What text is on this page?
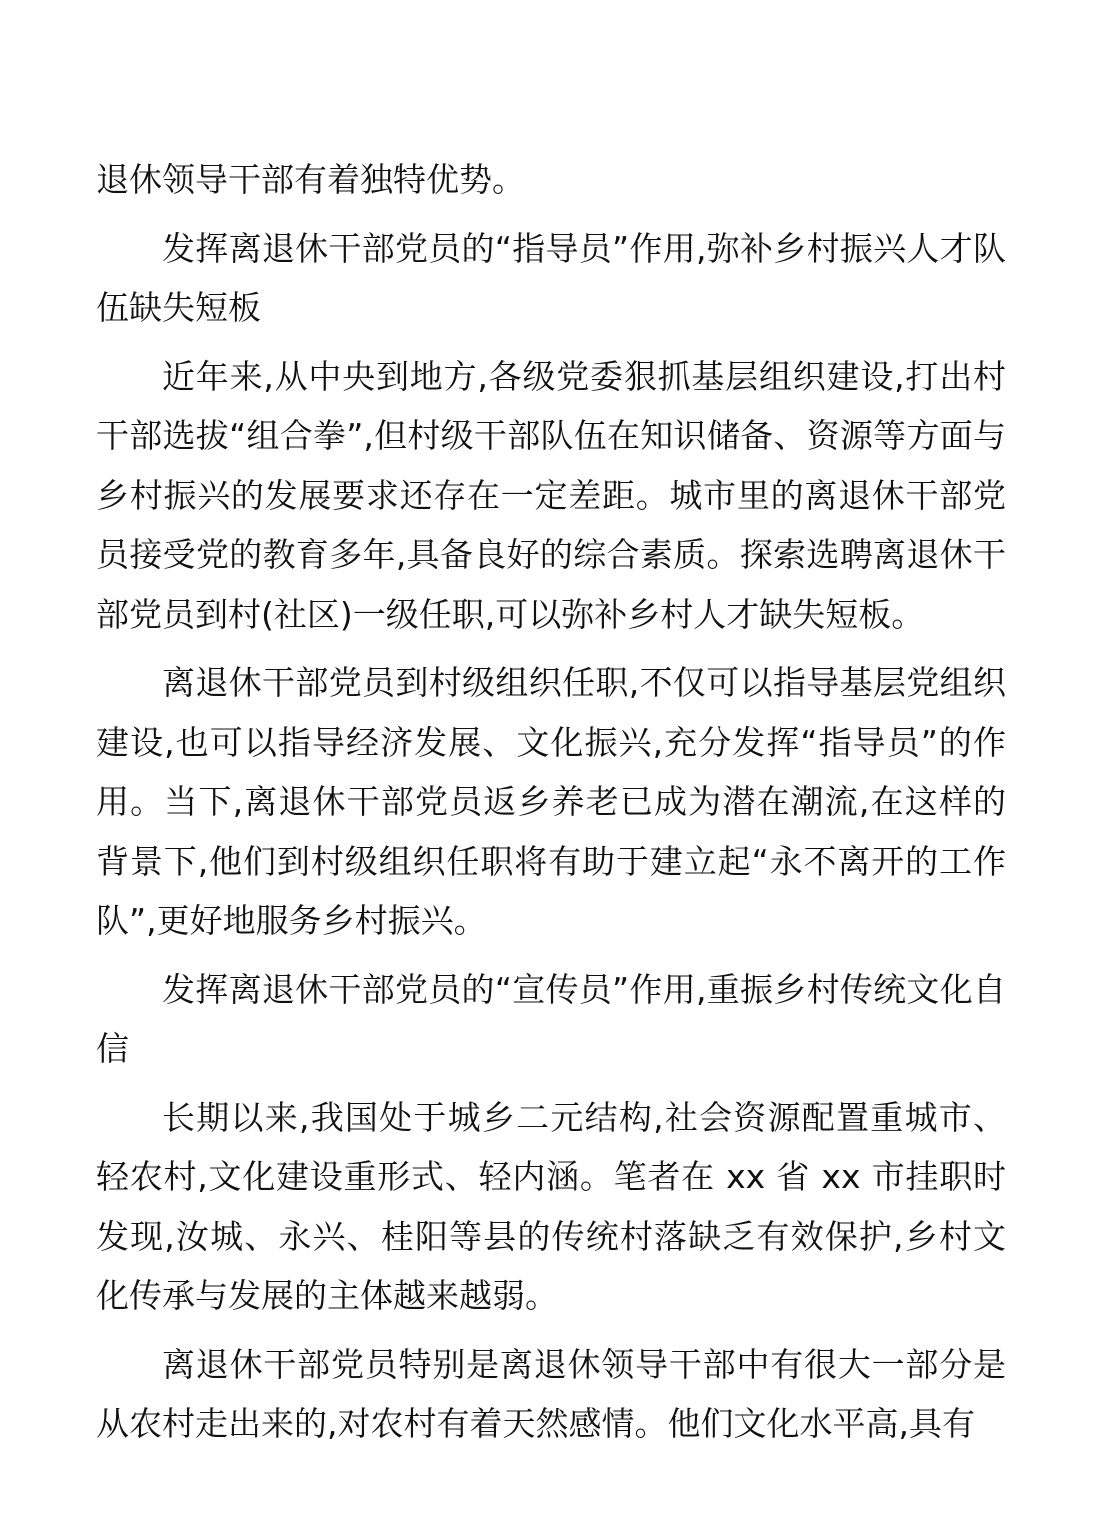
退休领导干部有着独特优势。

发挥离退休干部党员的“指导员”作用,弥补乡村振兴人才队伍缺失短板

近年来,从中央到地方,各级党委狠抓基层组织建设,打出村干部选拔“组合拳”,但村级干部队伍在知识储备、资源等方面与乡村振兴的发展要求还存在一定差距。城市里的离退休干部党员接受党的教育多年,具备良好的综合素质。探索选聘离退休干部党员到村(社区)一级任职,可以弥补乡村人才缺失短板。

离退休干部党员到村级组织任职,不仅可以指导基层党组织建设,也可以指导经济发展、文化振兴,充分发挥“指导员”的作用。当下,离退休干部党员返乡养老已成为潜在潮流,在这样的背景下,他们到村级组织任职将有助于建立起“永不离开的工作队”,更好地服务乡村振兴。

发挥离退休干部党员的“宣传员”作用,重振乡村传统文化自信

长期以来,我国处于城乡二元结构,社会资源配置重城市、轻农村,文化建设重形式、轻内涵。笔者在 xx 省 xx 市挂职时发现,汝城、永兴、桂阳等县的传统村落缺乏有效保护,乡村文化传承与发展的主体越来越弱。

离退休干部党员特别是离退休领导干部中有很大一部分是从农村走出来的,对农村有着天然感情。他们文化水平高,具有
